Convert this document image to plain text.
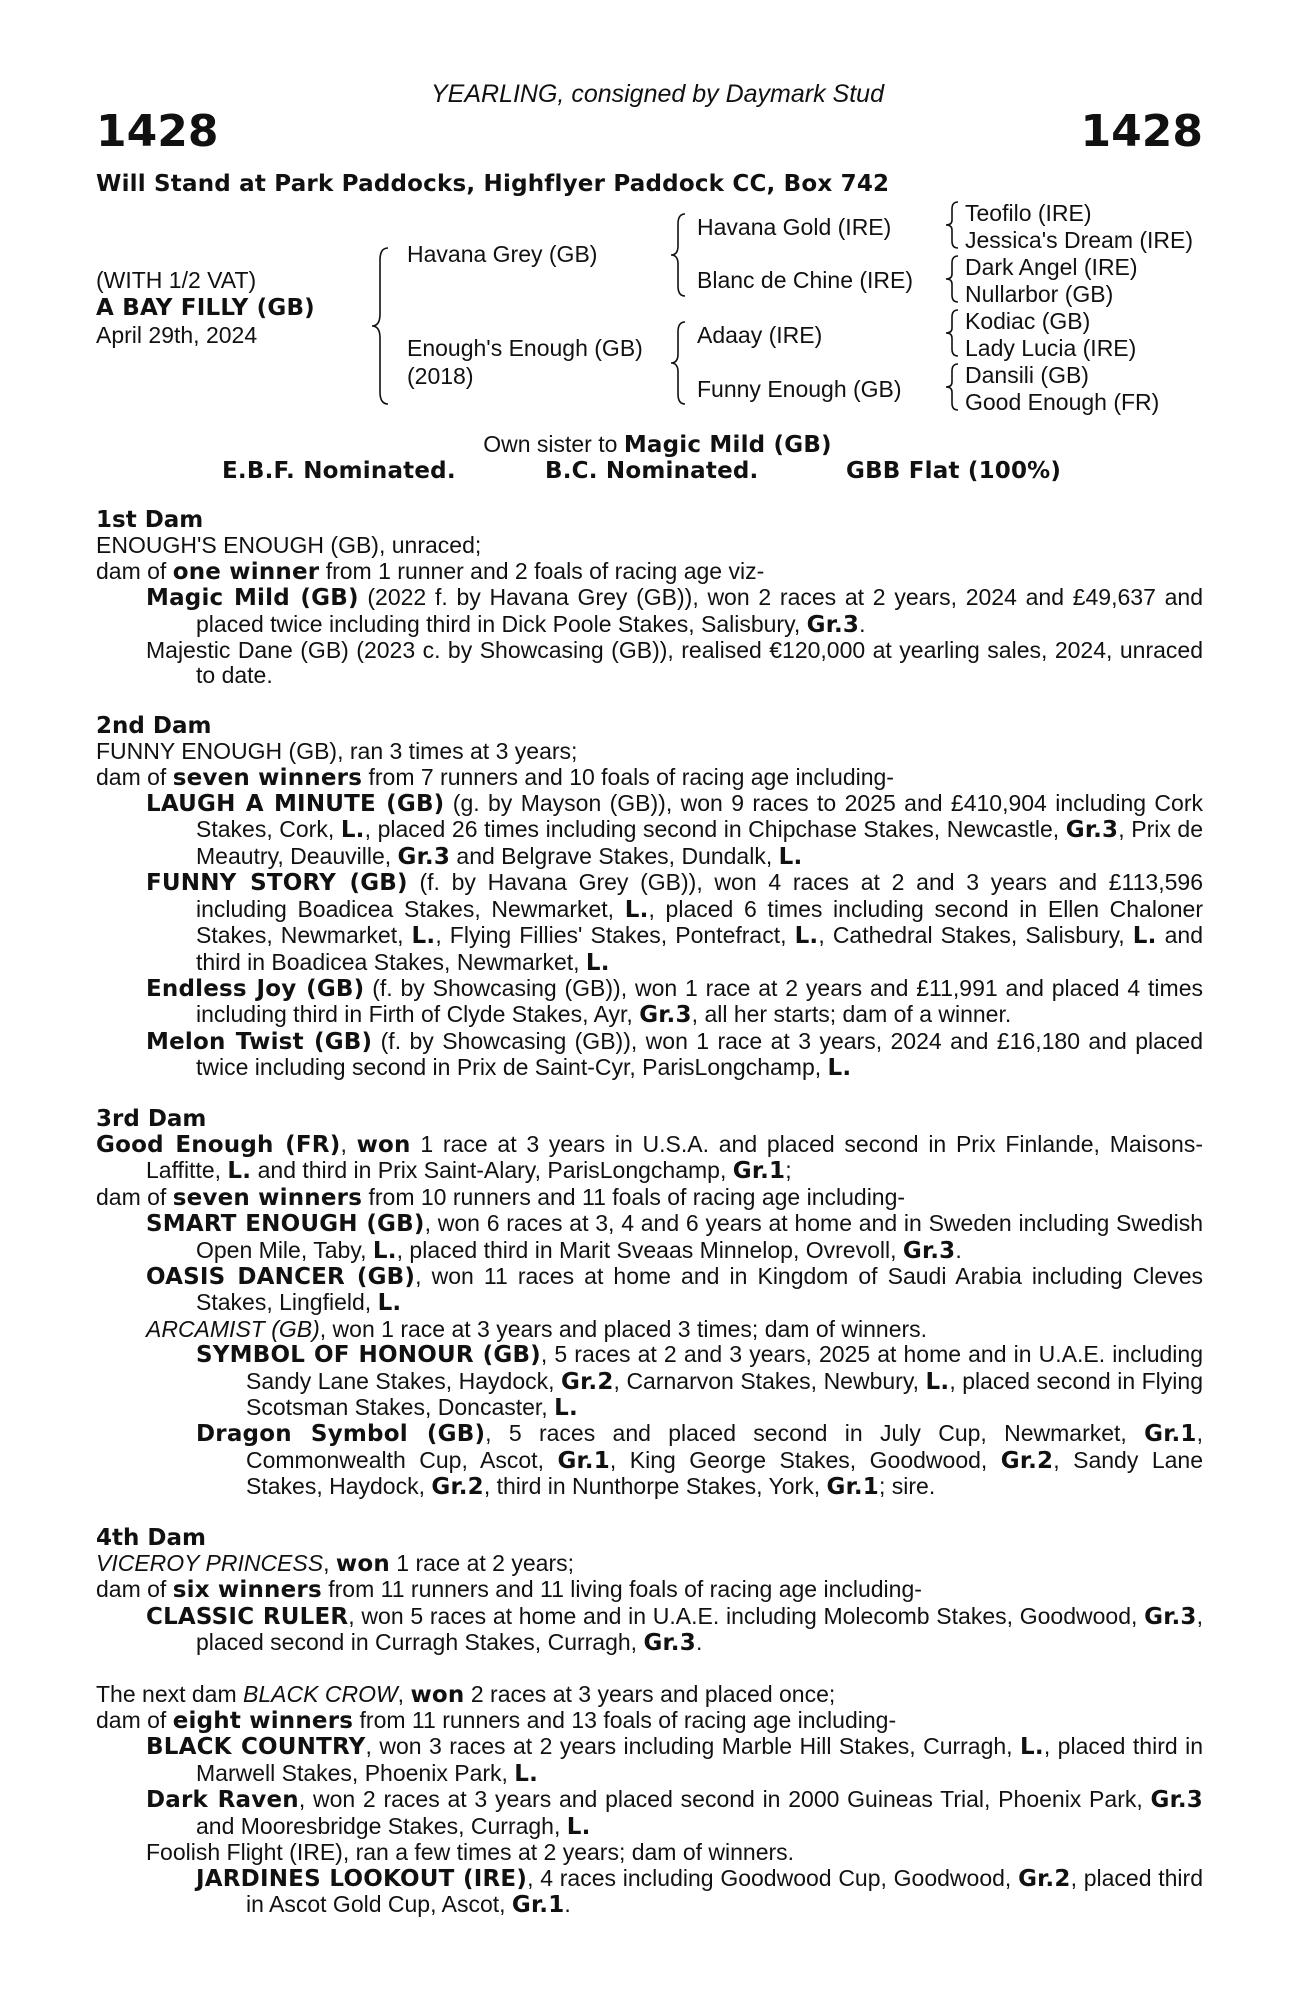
YEARLING, consigned by Daymark Stud
1428	1428
Will Stand at Park Paddocks, Highflyer Paddock CC, Box 742
(WITH 1/2 VAT)
A BAY FILLY (GB)
April 29th, 2024
Havana Grey (GB)
Enough's Enough (GB)
(2018)
Havana Gold (IRE)
Blanc de Chine (IRE)
Adaay (IRE)
Funny Enough (GB)
Teofilo (IRE)
Jessica's Dream (IRE)
Dark Angel (IRE)
Nullarbor (GB)
Kodiac (GB)
Lady Lucia (IRE)
Dansili (GB)
Good Enough (FR)
Own sister to Magic Mild (GB)
E.B.F. Nominated.	B.C. Nominated.	GBB Flat (100%)

1st Dam

ENOUGH'S ENOUGH (GB), unraced;

dam of one winner from 1 runner and 2 foals of racing age viz-

Magic Mild (GB) (2022 f. by Havana Grey (GB)), won 2 races at 2 years, 2024 and £49,637 and placed twice including third in Dick Poole Stakes, Salisbury, Gr.3.

Majestic Dane (GB) (2023 c. by Showcasing (GB)), realised €120,000 at yearling sales, 2024, unraced to date.

2nd Dam

FUNNY ENOUGH (GB), ran 3 times at 3 years;

dam of seven winners from 7 runners and 10 foals of racing age including-

LAUGH A MINUTE (GB) (g. by Mayson (GB)), won 9 races to 2025 and £410,904 including Cork Stakes, Cork, L., placed 26 times including second in Chipchase Stakes, Newcastle, Gr.3, Prix de Meautry, Deauville, Gr.3 and Belgrave Stakes, Dundalk, L.

FUNNY STORY (GB) (f. by Havana Grey (GB)), won 4 races at 2 and 3 years and £113,596 including Boadicea Stakes, Newmarket, L., placed 6 times including second in Ellen Chaloner Stakes, Newmarket, L., Flying Fillies' Stakes, Pontefract, L., Cathedral Stakes, Salisbury, L. and third in Boadicea Stakes, Newmarket, L.

Endless Joy (GB) (f. by Showcasing (GB)), won 1 race at 2 years and £11,991 and placed 4 times including third in Firth of Clyde Stakes, Ayr, Gr.3, all her starts; dam of a winner.

Melon Twist (GB) (f. by Showcasing (GB)), won 1 race at 3 years, 2024 and £16,180 and placed twice including second in Prix de Saint-Cyr, ParisLongchamp, L.

3rd Dam

Good Enough (FR), won 1 race at 3 years in U.S.A. and placed second in Prix Finlande, Maisons-Laffitte, L. and third in Prix Saint-Alary, ParisLongchamp, Gr.1;

dam of seven winners from 10 runners and 11 foals of racing age including-

SMART ENOUGH (GB), won 6 races at 3, 4 and 6 years at home and in Sweden including Swedish Open Mile, Taby, L., placed third in Marit Sveaas Minnelop, Ovrevoll, Gr.3.

OASIS DANCER (GB), won 11 races at home and in Kingdom of Saudi Arabia including Cleves Stakes, Lingfield, L.

ARCAMIST (GB), won 1 race at 3 years and placed 3 times; dam of winners.

SYMBOL OF HONOUR (GB), 5 races at 2 and 3 years, 2025 at home and in U.A.E. including Sandy Lane Stakes, Haydock, Gr.2, Carnarvon Stakes, Newbury, L., placed second in Flying Scotsman Stakes, Doncaster, L.

Dragon Symbol (GB), 5 races and placed second in July Cup, Newmarket, Gr.1, Commonwealth Cup, Ascot, Gr.1, King George Stakes, Goodwood, Gr.2, Sandy Lane Stakes, Haydock, Gr.2, third in Nunthorpe Stakes, York, Gr.1; sire.

4th Dam

VICEROY PRINCESS, won 1 race at 2 years;

dam of six winners from 11 runners and 11 living foals of racing age including-

CLASSIC RULER, won 5 races at home and in U.A.E. including Molecomb Stakes, Goodwood, Gr.3, placed second in Curragh Stakes, Curragh, Gr.3.

The next dam BLACK CROW, won 2 races at 3 years and placed once;

dam of eight winners from 11 runners and 13 foals of racing age including-

BLACK COUNTRY, won 3 races at 2 years including Marble Hill Stakes, Curragh, L., placed third in Marwell Stakes, Phoenix Park, L.

Dark Raven, won 2 races at 3 years and placed second in 2000 Guineas Trial, Phoenix Park, Gr.3 and Mooresbridge Stakes, Curragh, L.

Foolish Flight (IRE), ran a few times at 2 years; dam of winners.

JARDINES LOOKOUT (IRE), 4 races including Goodwood Cup, Goodwood, Gr.2, placed third in Ascot Gold Cup, Ascot, Gr.1.
